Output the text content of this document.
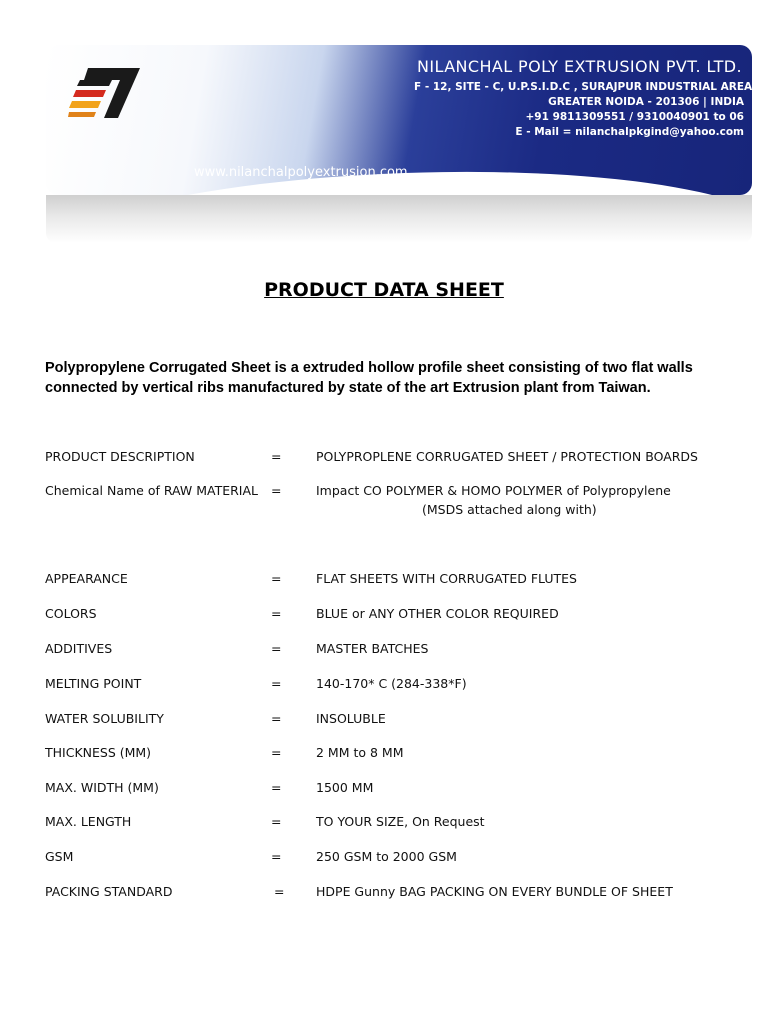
NILANCHAL POLY EXTRUSION PVT. LTD.
F - 12, SITE - C, U.P.S.I.D.C , SURAJPUR INDUSTRIAL AREA
GREATER NOIDA - 201306 | INDIA
+91 9811309551 / 9310040901 to 06
E - Mail = nilanchalpkgind@yahoo.com
www.nilanchalpolyextrusion.com
PRODUCT DATA SHEET
Polypropylene Corrugated Sheet is a extruded hollow profile sheet consisting of two flat walls connected by vertical ribs manufactured by state of the art Extrusion plant from Taiwan.
PRODUCT DESCRIPTION	=	POLYPROPLENE CORRUGATED SHEET / PROTECTION BOARDS
Chemical Name of RAW MATERIAL =	Impact CO POLYMER & HOMO POLYMER of Polypropylene
(MSDS attached along with)
APPEARANCE	=	FLAT SHEETS WITH CORRUGATED FLUTES
COLORS	=	BLUE or ANY OTHER COLOR REQUIRED
ADDITIVES	=	MASTER BATCHES
MELTING POINT	=	140-170* C (284-338*F)
WATER SOLUBILITY	=	INSOLUBLE
THICKNESS (MM)	=	2 MM to 8 MM
MAX. WIDTH (MM)	=	1500 MM
MAX. LENGTH	=	TO YOUR SIZE, On Request
GSM	=	250 GSM to 2000 GSM
PACKING STANDARD	=	HDPE Gunny BAG PACKING ON EVERY BUNDLE OF SHEET
